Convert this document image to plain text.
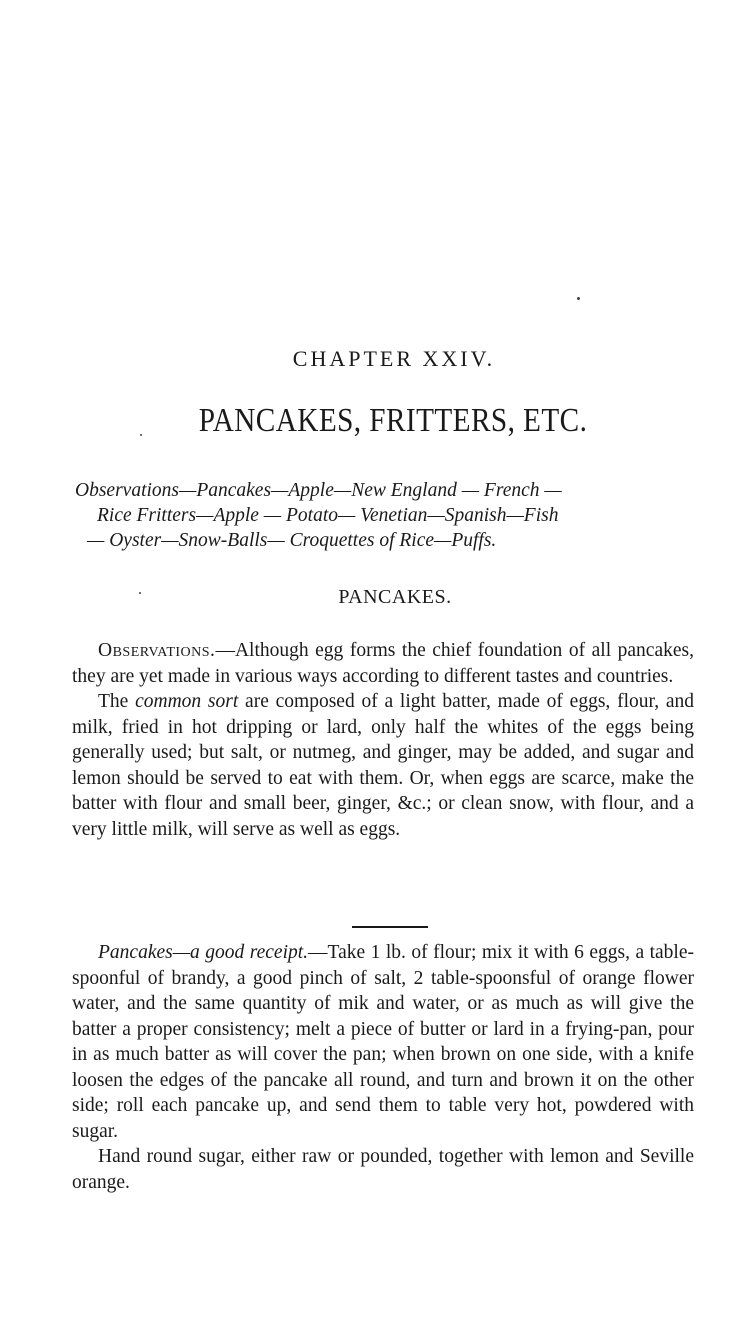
CHAPTER XXIV.
PANCAKES, FRITTERS, ETC.
Observations—Pancakes—Apple—New England — French —
Rice Fritters—Apple — Potato— Venetian—Spanish—Fish
— Oyster—Snow-Balls— Croquettes of Rice—Puffs.
PANCAKES.

Observations.—Although egg forms the chief foundation of all pancakes, they are yet made in various ways according to different tastes and countries.

The common sort are composed of a light batter, made of eggs, flour, and milk, fried in hot dripping or lard, only half the whites of the eggs being generally used; but salt, or nutmeg, and ginger, may be added, and sugar and lemon should be served to eat with them. Or, when eggs are scarce, make the batter with flour and small beer, ginger, &c.; or clean snow, with flour, and a very little milk, will serve as well as eggs.

Pancakes—a good receipt.—Take 1 lb. of flour; mix it with 6 eggs, a table-spoonful of brandy, a good pinch of salt, 2 table-spoonsful of orange flower water, and the same quantity of mik and water, or as much as will give the batter a proper consistency; melt a piece of butter or lard in a frying-pan, pour in as much batter as will cover the pan; when brown on one side, with a knife loosen the edges of the pancake all round, and turn and brown it on the other side; roll each pancake up, and send them to table very hot, powdered with sugar.

Hand round sugar, either raw or pounded, together with lemon and Seville orange.
